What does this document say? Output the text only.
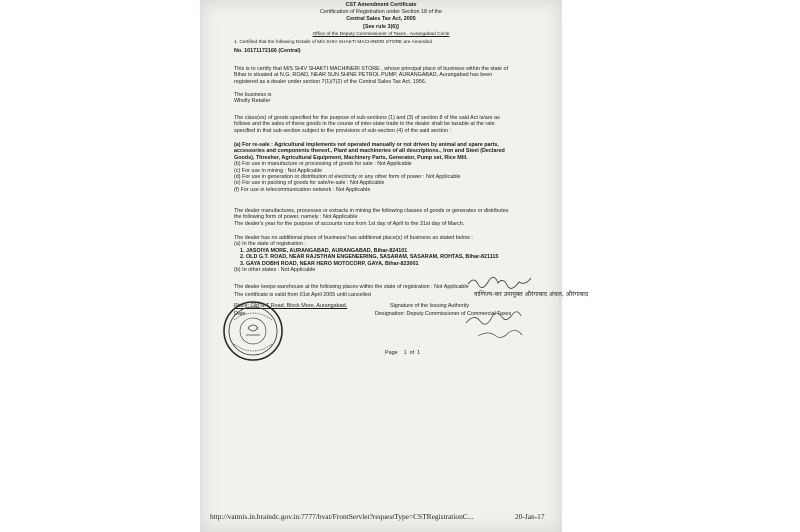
CST Amendment Certificate
Certification of Registration under Section 18 of the
Central Sales Tax Act, 2005
[See rule 3(6)]
Office of the Deputy Commissioner of Taxes , Aurangabad Circle
1. Certified that the following Details of M/s SHIV SHAKTI MACHINERI STORE are Amended
No. 10171172166 (Central)
This is to certify that M/S SHIV SHAKTI MACHINERI STORE , whose principal place of business within the state of
Bihar is situated at N.G. ROAD, NEAR SUN SHINE PETROL PUMP, AURANGABAD, Aurangabad has been
registered as a dealer under section 7(1)/7(2) of the Central Sales Tax Act, 1956.
The business is
Wholly Retailer
The class(es) of goods specified for the purpose of sub-sections (1) and (3) of section 8 of the said Act is/are as
follows and the sales of these goods in the course of inter-state trade to the dealer shall be taxable at the rate
specified in that sub-section subject to the provisions of sub-section (4) of the said section :
(a) For re-sale : Agricultural implements not operated manually or not driven by animal and spare parts,
accessories and components thereof., Plant and machineries of all descriptions., Iron and Steel (Declared
Goods), Thresher, Agricultural Equipment, Machinery Parts, Generator, Pump set, Rice Mill.
(b) For use in manufacture or processing of goods for sale : Not Applicable
(c) For use in mining : Not Applicable
(d) For use in generation or distribution of electricity or any other form of power : Not Applicable
(e) For use in packing of goods for sale/re-sale : Not Applicable
(f) For use in telecommunication network : Not Applicable
The dealer manufactures, processes or extracts in mining the following classes of goods or generates or distributes
the following form of power, namely : Not Applicable
The dealer's year for the purpose of accounts runs from 1st day of April to the 31st day of March.
The dealer has no additional place of business/ has additional place(s) of business as stated below :
(a) In the state of registration :
1. JASOIYA MORE, AURANGABAD, AURANGABAD, Bihar-824101
2. OLD G.T. ROAD, NEAR RAJSTHAN ENGENEERING, SASARAM, SASARAM, ROHTAS, Bihar-821115
3. GAYA DOBHI ROAD, NEAR HERO MOTOCORP, GAYA, Bihar-823001
(b) In other states : Not Applicable
The dealer keeps warehouse at the following places within the state of registration : Not Applicable
The certificate is valid from 01st April 2005 until cancelled
Place: Old G.T Road, Block More, Aurangabad.
Date
Signature of the Issuing Authority
Designation: Deputy Commissioner of Commercial Taxes
Page 1 of 1
वाणिज्य-कर उपायुक्त औरंगाबाद अंचल, औरंगाबाद
http://vatmis.in.braindc.gov.in:7777/bvat/FrontServlet?requestType=CSTRegistrationC...	20-Jan-17
